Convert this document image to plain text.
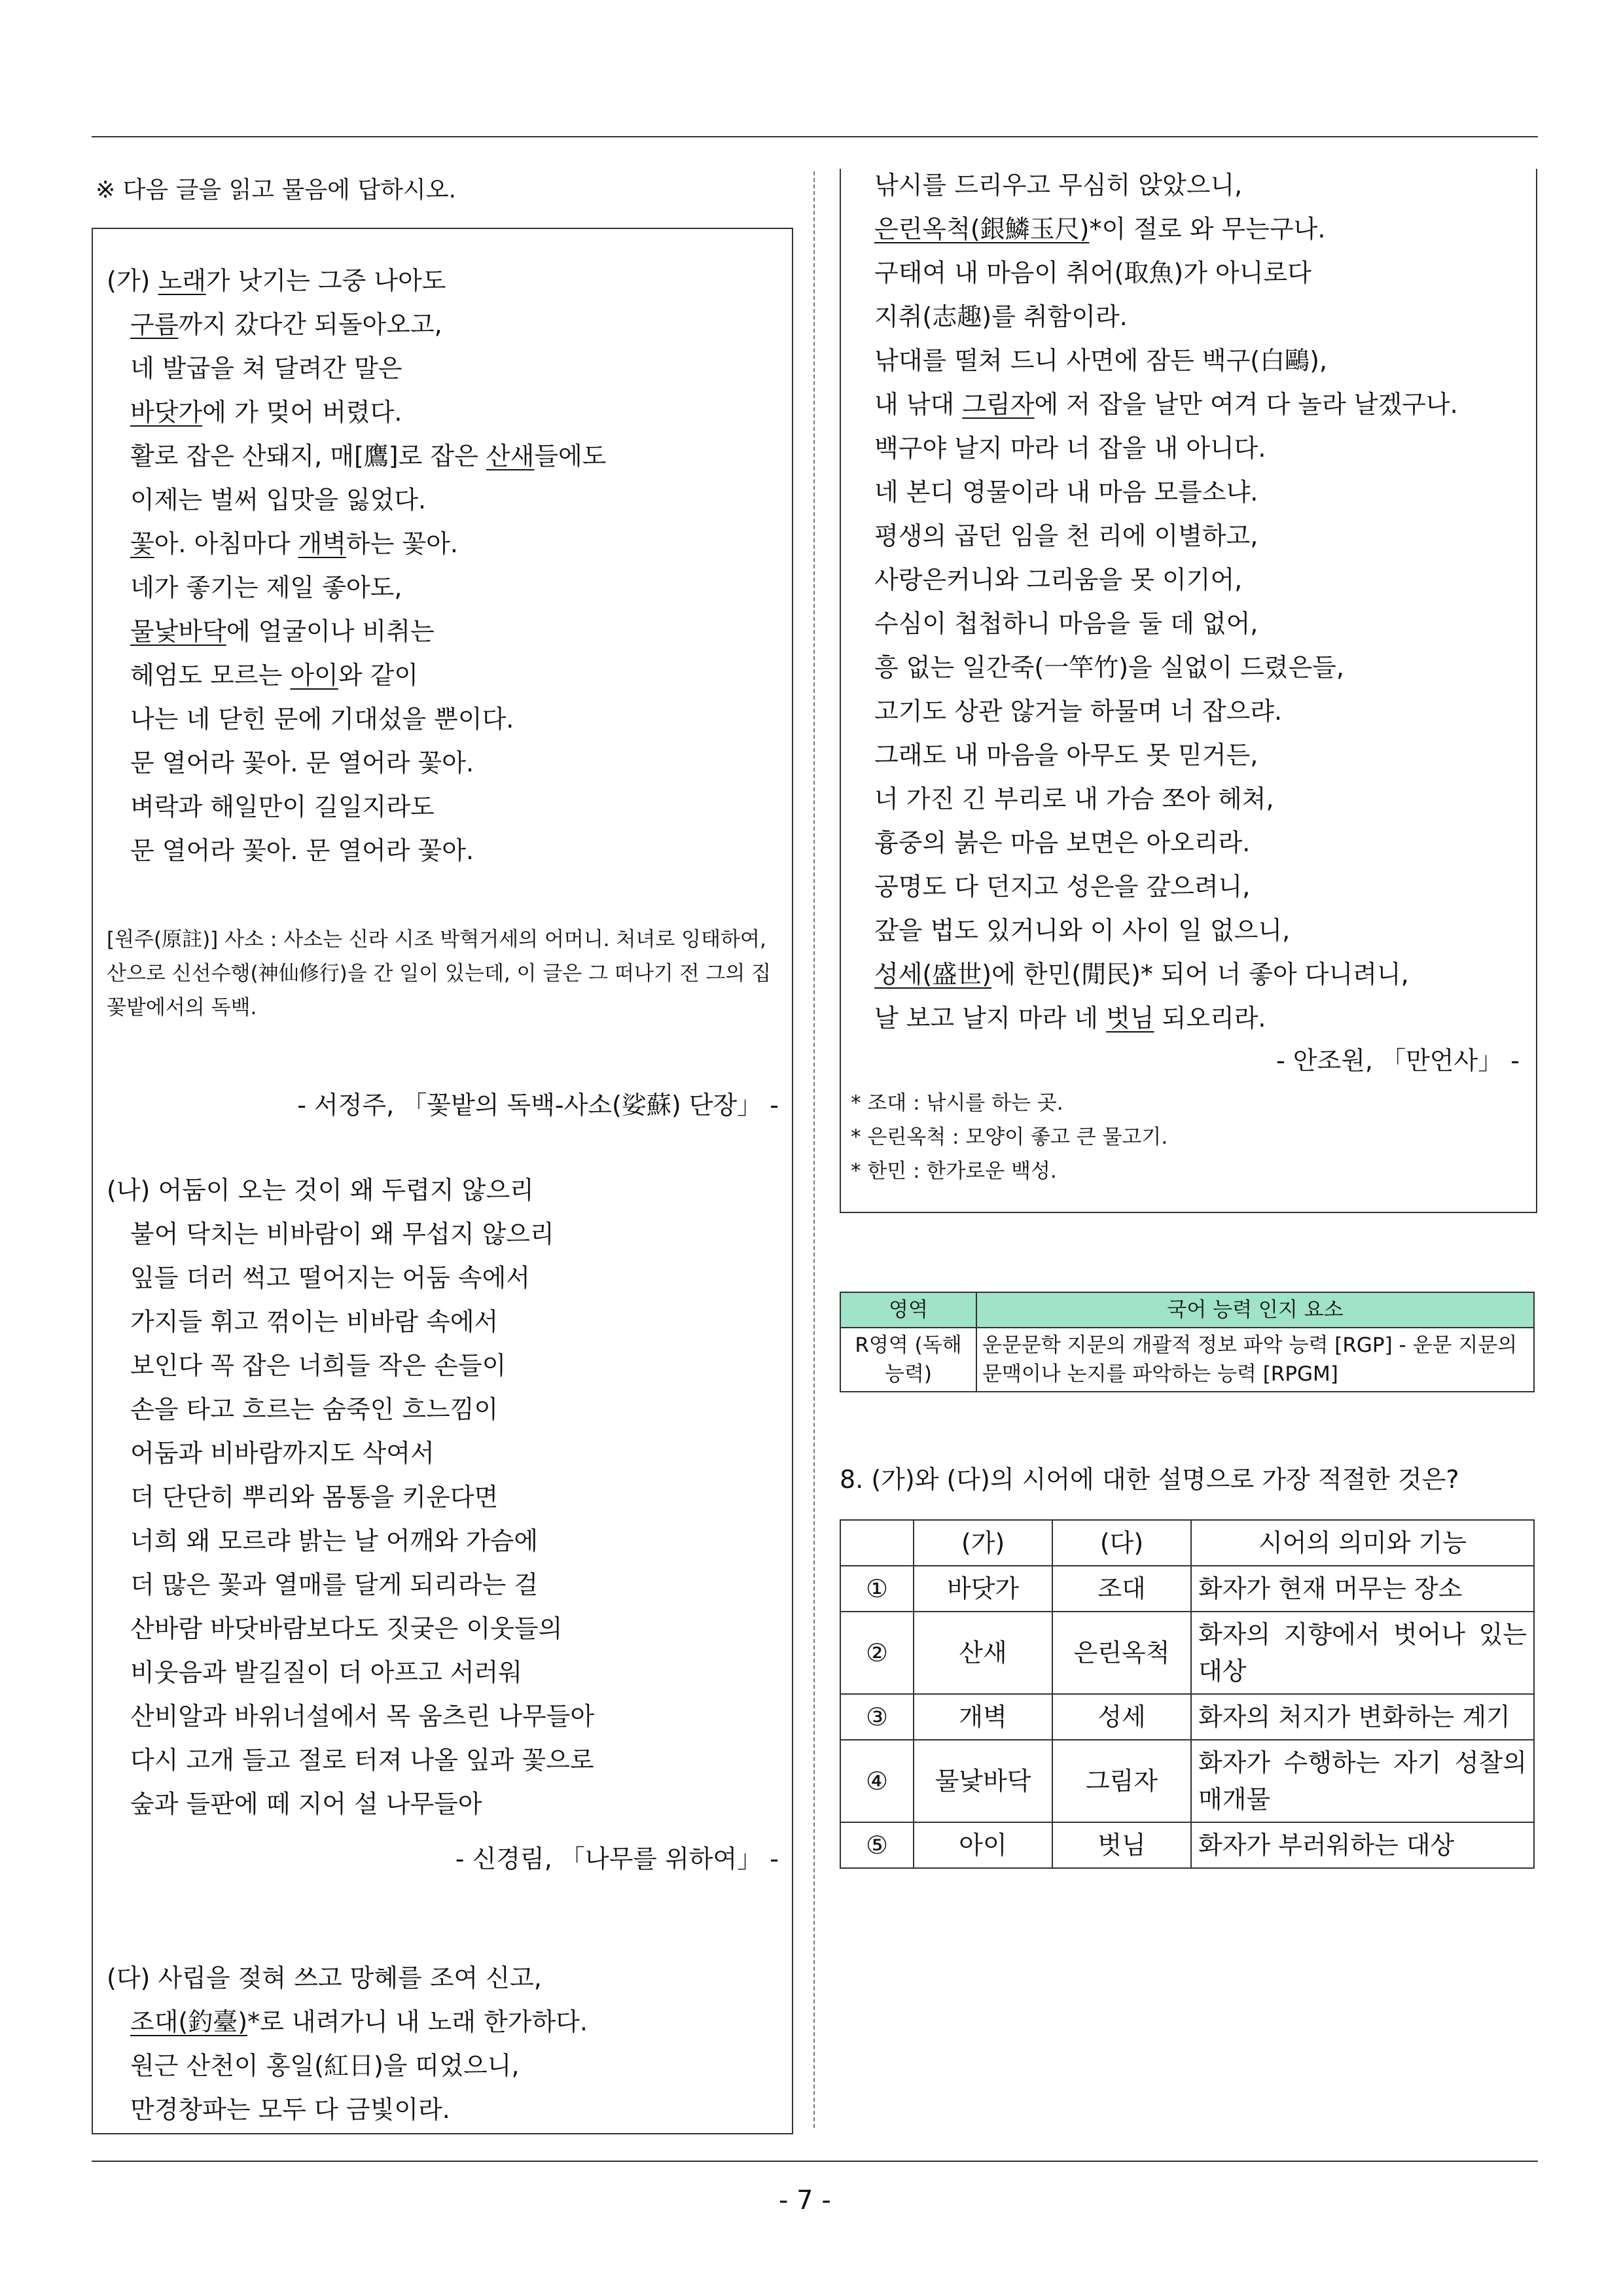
※ 다음 글을 읽고 물음에 답하시오.
(가) 노래가 낫기는 그중 나아도
구름까지 갔다간 되돌아오고,
네 발굽을 쳐 달려간 말은
바닷가에 가 멎어 버렸다.
활로 잡은 산돼지, 매[鷹]로 잡은 산새들에도
이제는 벌써 입맛을 잃었다.
꽃아. 아침마다 개벽하는 꽃아.
네가 좋기는 제일 좋아도,
물낯바닥에 얼굴이나 비취는
헤엄도 모르는 아이와 같이
나는 네 닫힌 문에 기대섰을 뿐이다.
문 열어라 꽃아. 문 열어라 꽃아.
벼락과 해일만이 길일지라도
문 열어라 꽃아. 문 열어라 꽃아.
[원주(原註)] 사소 : 사소는 신라 시조 박혁거세의 어머니. 처녀로 잉태하여, 산으로 신선수행(神仙修行)을 간 일이 있는데, 이 글은 그 떠나기 전 그의 집 꽃밭에서의 독백.
- 서정주, 「꽃밭의 독백-사소(娑蘇) 단장」 -
(나) 어둠이 오는 것이 왜 두렵지 않으리
불어 닥치는 비바람이 왜 무섭지 않으리
잎들 더러 썩고 떨어지는 어둠 속에서
가지들 휘고 꺾이는 비바람 속에서
보인다 꼭 잡은 너희들 작은 손들이
손을 타고 흐르는 숨죽인 흐느낌이
어둠과 비바람까지도 삭여서
더 단단히 뿌리와 몸통을 키운다면
너희 왜 모르랴 밝는 날 어깨와 가슴에
더 많은 꽃과 열매를 달게 되리라는 걸
산바람 바닷바람보다도 짓궂은 이웃들의
비웃음과 발길질이 더 아프고 서러워
산비알과 바위너설에서 목 움츠린 나무들아
다시 고개 들고 절로 터져 나올 잎과 꽃으로
숲과 들판에 떼 지어 설 나무들아
- 신경림, 「나무를 위하여」 -
(다) 사립을 젖혀 쓰고 망혜를 조여 신고,
조대(釣臺)*로 내려가니 내 노래 한가하다.
원근 산천이 홍일(紅日)을 띠었으니,
만경창파는 모두 다 금빛이라.
낚시를 드리우고 무심히 앉았으니,
은린옥척(銀鱗玉尺)*이 절로 와 무는구나.
구태여 내 마음이 취어(取魚)가 아니로다
지취(志趣)를 취함이라.
낚대를 떨쳐 드니 사면에 잠든 백구(白鷗),
내 낚대 그림자에 저 잡을 날만 여겨 다 놀라 날겠구나.
백구야 날지 마라 너 잡을 내 아니다.
네 본디 영물이라 내 마음 모를소냐.
평생의 곱던 임을 천 리에 이별하고,
사랑은커니와 그리움을 못 이기어,
수심이 첩첩하니 마음을 둘 데 없어,
흥 없는 일간죽(一竿竹)을 실없이 드렸은들,
고기도 상관 않거늘 하물며 너 잡으랴.
그래도 내 마음을 아무도 못 믿거든,
너 가진 긴 부리로 내 가슴 쪼아 헤쳐,
흉중의 붉은 마음 보면은 아오리라.
공명도 다 던지고 성은을 갚으려니,
갚을 법도 있거니와 이 사이 일 없으니,
성세(盛世)에 한민(閒民)* 되어 너 좋아 다니려니,
날 보고 날지 마라 네 벗님 되오리라.
- 안조원, 「만언사」 -
* 조대 : 낚시를 하는 곳.
* 은린옥척 : 모양이 좋고 큰 물고기.
* 한민 : 한가로운 백성.
영역	국어 능력 인지 요소
R영역 (독해 능력)	운문문학 지문의 개괄적 정보 파악 능력 [RGP] - 운문 지문의 문맥이나 논지를 파악하는 능력 [RPGM]
8. (가)와 (다)의 시어에 대한 설명으로 가장 적절한 것은?
	(가)	(다)	시어의 의미와 기능
①	바닷가	조대	화자가 현재 머무는 장소
②	산새	은린옥척	화자의 지향에서 벗어나 있는 대상
③	개벽	성세	화자의 처지가 변화하는 계기
④	물낯바닥	그림자	화자가 수행하는 자기 성찰의 매개물
⑤	아이	벗님	화자가 부러워하는 대상
- 7 -
